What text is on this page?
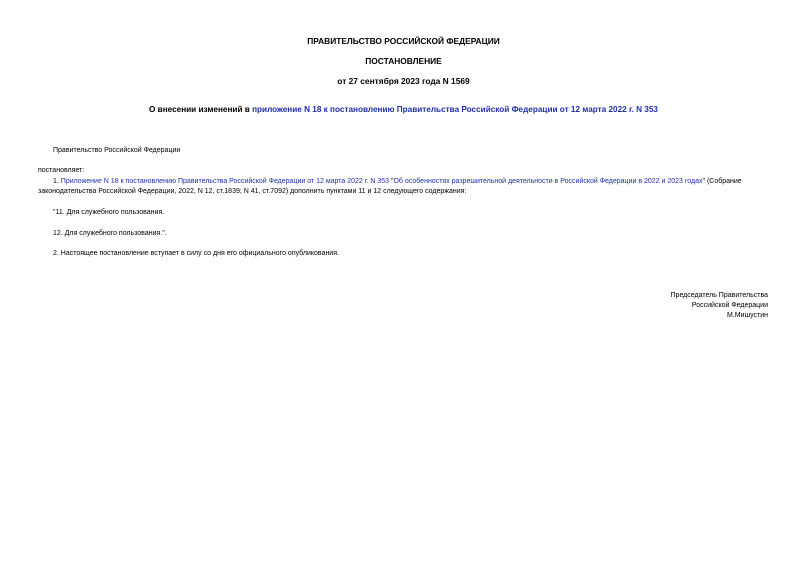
ПРАВИТЕЛЬСТВО РОССИЙСКОЙ ФЕДЕРАЦИИ
ПОСТАНОВЛЕНИЕ
от 27 сентября 2023 года N 1569
О внесении изменений в приложение N 18 к постановлению Правительства Российской Федерации от 12 марта 2022 г. N 353
Правительство Российской Федерации
постановляет:
1. Приложение N 18 к постановлению Правительства Российской Федерации от 12 марта 2022 г. N 353 "Об особенностях разрешительной деятельности в Российской Федерации в 2022 и 2023 годах" (Собрание
законодательства Российской Федерации, 2022, N 12, ст.1839; N 41, ст.7092) дополнить пунктами 11 и 12 следующего содержания:
"11. Для служебного пользования.
12. Для служебного пользования.".
2. Настоящее постановление вступает в силу со дня его официального опубликования.
Председатель Правительства
Российской Федерации
М.Мишустин
